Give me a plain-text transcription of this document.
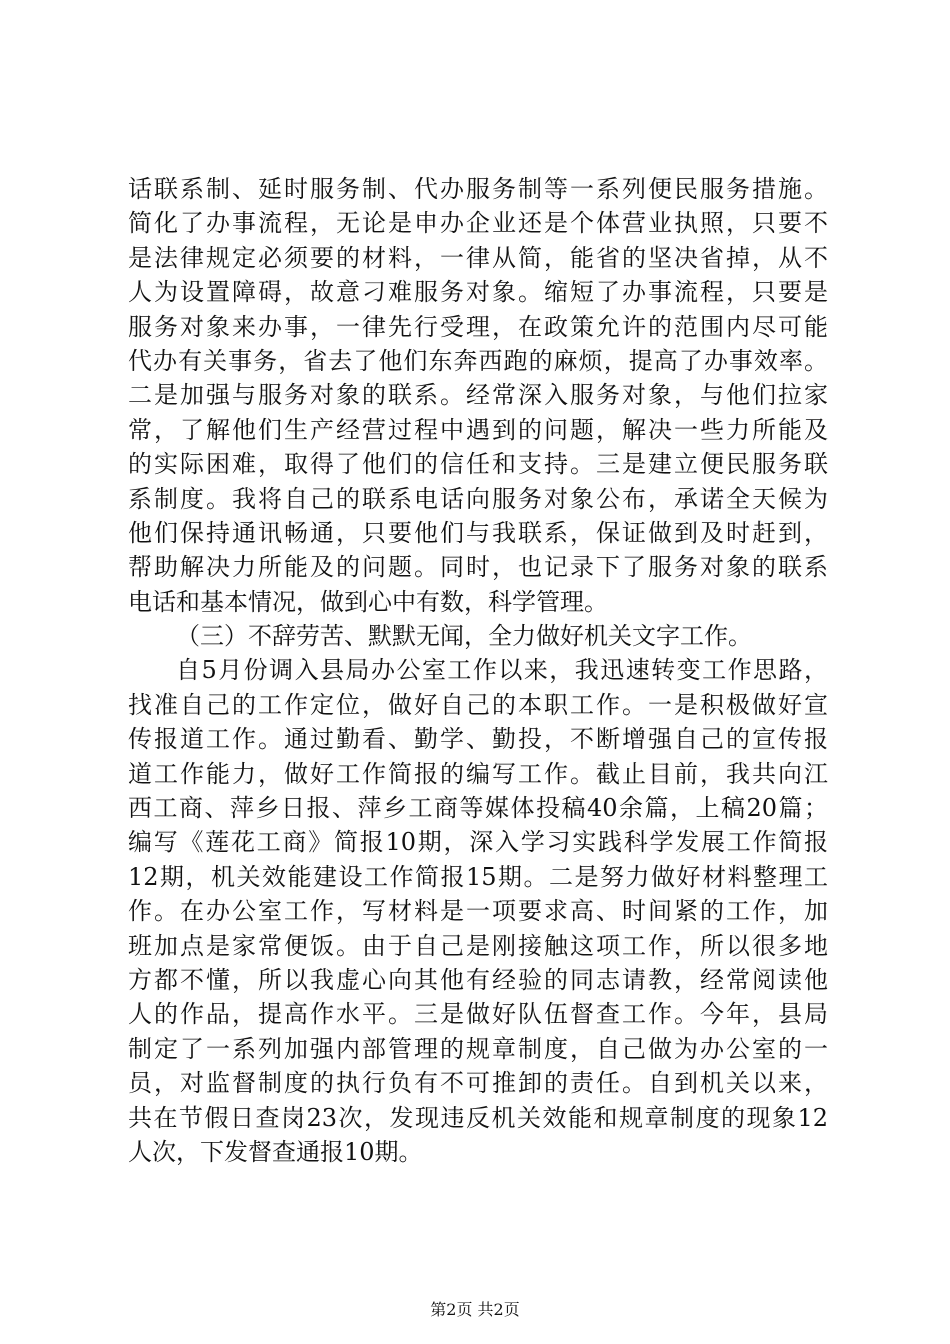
话联系制、延时服务制、代办服务制等一系列便民服务措施。
简化了办事流程，无论是申办企业还是个体营业执照，只要不
是法律规定必须要的材料，一律从简，能省的坚决省掉，从不
人为设置障碍，故意刁难服务对象。缩短了办事流程，只要是
服务对象来办事，一律先行受理，在政策允许的范围内尽可能
代办有关事务，省去了他们东奔西跑的麻烦，提高了办事效率。
二是加强与服务对象的联系。经常深入服务对象，与他们拉家
常，了解他们生产经营过程中遇到的问题，解决一些力所能及
的实际困难，取得了他们的信任和支持。三是建立便民服务联
系制度。我将自己的联系电话向服务对象公布，承诺全天候为
他们保持通讯畅通，只要他们与我联系，保证做到及时赶到，
帮助解决力所能及的问题。同时，也记录下了服务对象的联系
电话和基本情况，做到心中有数，科学管理。
（三）不辞劳苦、默默无闻，全力做好机关文字工作。
自5月份调入县局办公室工作以来，我迅速转变工作思路，
找准自己的工作定位，做好自己的本职工作。一是积极做好宣
传报道工作。通过勤看、勤学、勤投，不断增强自己的宣传报
道工作能力，做好工作简报的编写工作。截止目前，我共向江
西工商、萍乡日报、萍乡工商等媒体投稿40余篇，上稿20篇；
编写《莲花工商》简报10期，深入学习实践科学发展工作简报
12期，机关效能建设工作简报15期。二是努力做好材料整理工
作。在办公室工作，写材料是一项要求高、时间紧的工作，加
班加点是家常便饭。由于自己是刚接触这项工作，所以很多地
方都不懂，所以我虚心向其他有经验的同志请教，经常阅读他
人的作品，提高作水平。三是做好队伍督查工作。今年，县局
制定了一系列加强内部管理的规章制度，自己做为办公室的一
员，对监督制度的执行负有不可推卸的责任。自到机关以来，
共在节假日查岗23次，发现违反机关效能和规章制度的现象12
人次，下发督查通报10期。
第2页 共2页
